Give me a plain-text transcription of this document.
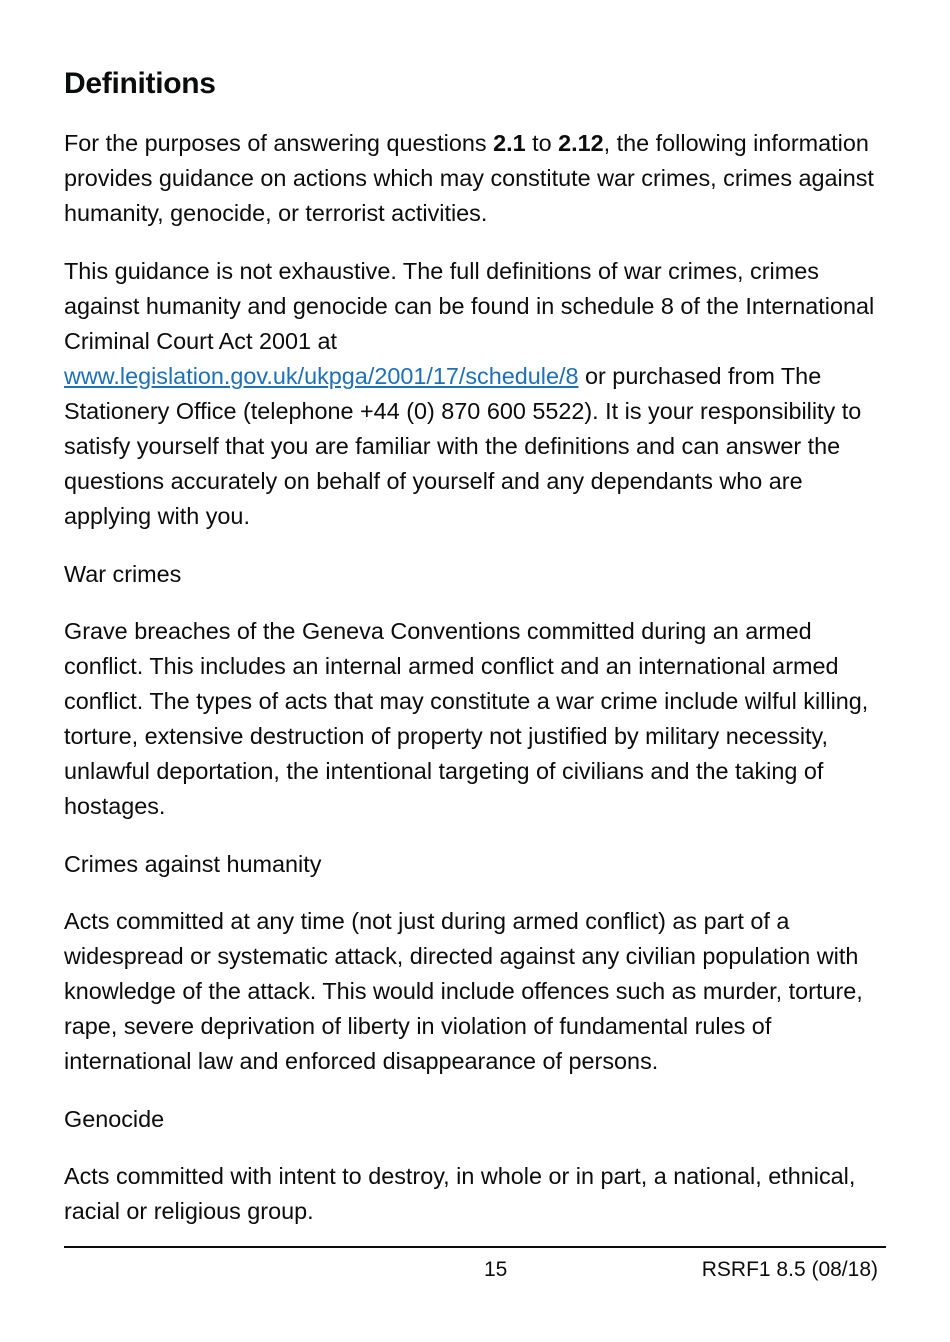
Definitions

For the purposes of answering questions 2.1 to 2.12, the following information provides guidance on actions which may constitute war crimes, crimes against humanity, genocide, or terrorist activities.

This guidance is not exhaustive. The full definitions of war crimes, crimes against humanity and genocide can be found in schedule 8 of the International Criminal Court Act 2001 at
www.legislation.gov.uk/ukpga/2001/17/schedule/8 or purchased from The Stationery Office (telephone +44 (0) 870 600 5522). It is your responsibility to satisfy yourself that you are familiar with the definitions and can answer the questions accurately on behalf of yourself and any dependants who are applying with you.

War crimes

Grave breaches of the Geneva Conventions committed during an armed conflict. This includes an internal armed conflict and an international armed conflict. The types of acts that may constitute a war crime include wilful killing, torture, extensive destruction of property not justified by military necessity, unlawful deportation, the intentional targeting of civilians and the taking of hostages.

Crimes against humanity

Acts committed at any time (not just during armed conflict) as part of a widespread or systematic attack, directed against any civilian population with knowledge of the attack. This would include offences such as murder, torture, rape, severe deprivation of liberty in violation of fundamental rules of international law and enforced disappearance of persons.

Genocide

Acts committed with intent to destroy, in whole or in part, a national, ethnical, racial or religious group.

15	RSRF1 8.5 (08/18)
